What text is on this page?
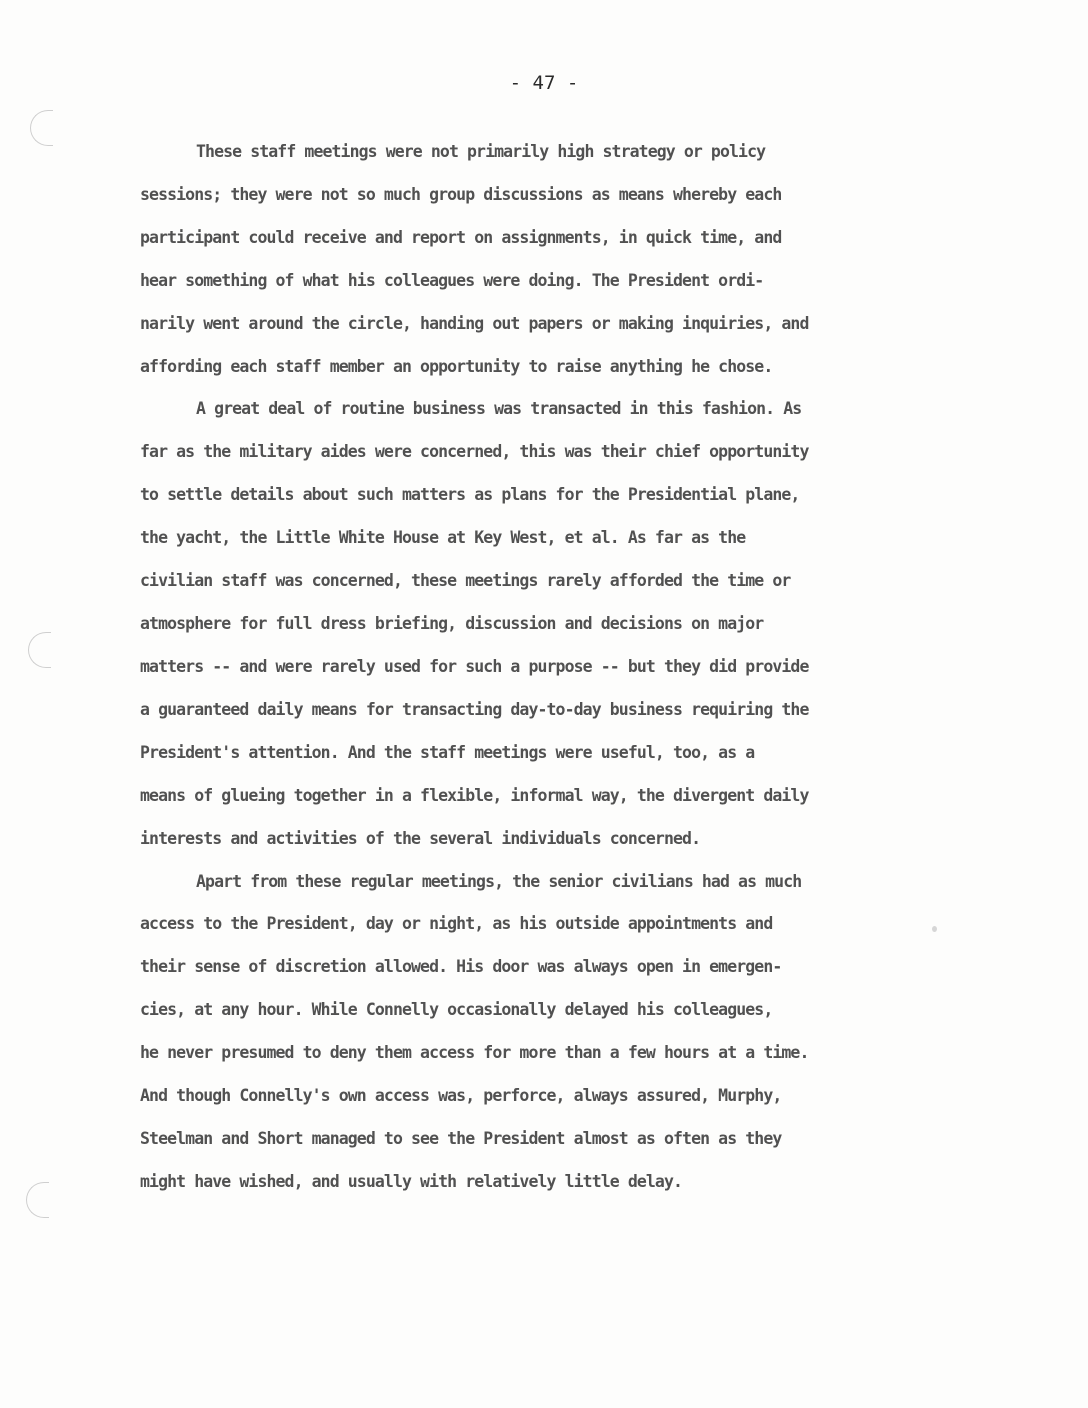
- 47 -
These staff meetings were not primarily high strategy or policy
sessions; they were not so much group discussions as means whereby each
participant could receive and report on assignments, in quick time, and
hear something of what his colleagues were doing. The President ordi-
narily went around the circle, handing out papers or making inquiries, and
affording each staff member an opportunity to raise anything he chose.
A great deal of routine business was transacted in this fashion. As
far as the military aides were concerned, this was their chief opportunity
to settle details about such matters as plans for the Presidential plane,
the yacht, the Little White House at Key West, et al. As far as the
civilian staff was concerned, these meetings rarely afforded the time or
atmosphere for full dress briefing, discussion and decisions on major
matters -- and were rarely used for such a purpose -- but they did provide
a guaranteed daily means for transacting day-to-day business requiring the
President's attention. And the staff meetings were useful, too, as a
means of glueing together in a flexible, informal way, the divergent daily
interests and activities of the several individuals concerned.
Apart from these regular meetings, the senior civilians had as much
access to the President, day or night, as his outside appointments and
their sense of discretion allowed. His door was always open in emergen-
cies, at any hour. While Connelly occasionally delayed his colleagues,
he never presumed to deny them access for more than a few hours at a time.
And though Connelly's own access was, perforce, always assured, Murphy,
Steelman and Short managed to see the President almost as often as they
might have wished, and usually with relatively little delay.
